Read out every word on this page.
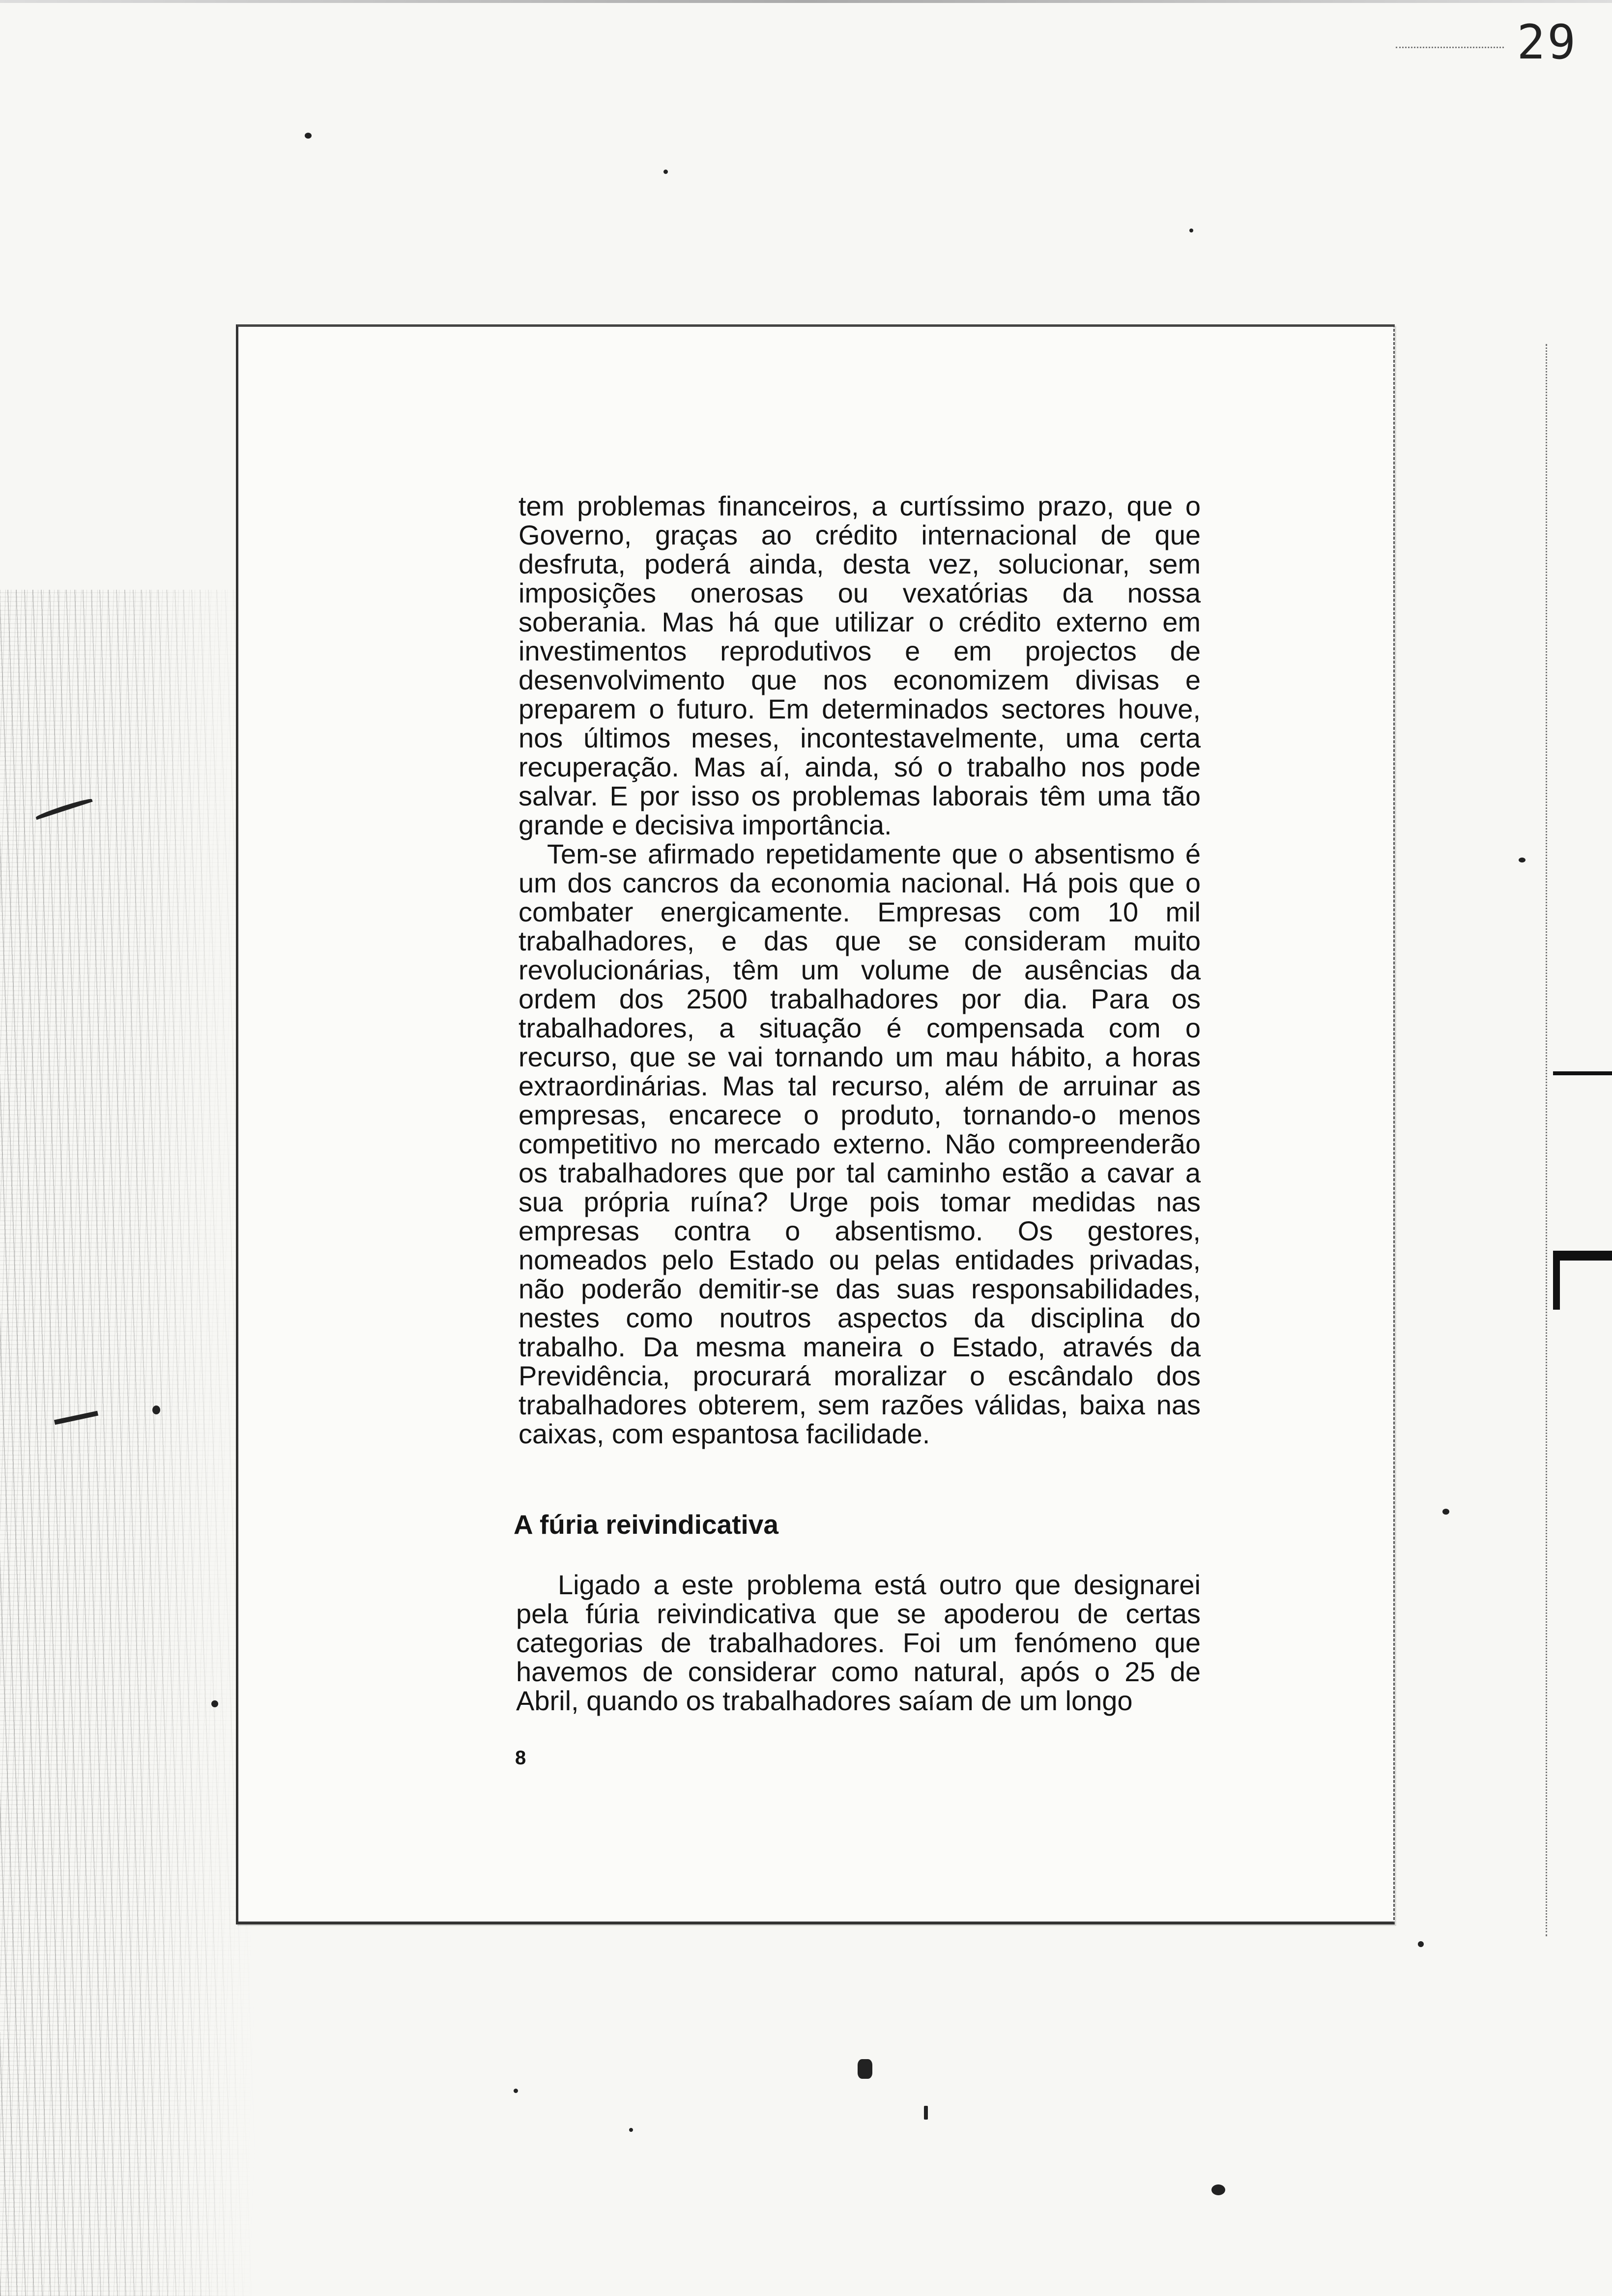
29

tem problemas financeiros, a curtíssimo prazo, que o Governo, graças ao crédito internacional de que desfruta, poderá ainda, desta vez, solucionar, sem imposições onerosas ou vexatórias da nossa soberania. Mas há que utilizar o crédito externo em investimentos reprodutivos e em projectos de desenvolvimento que nos economizem divisas e preparem o futuro. Em determinados sectores houve, nos últimos meses, incontestavelmente, uma certa recuperação. Mas aí, ainda, só o trabalho nos pode salvar. E por isso os problemas laborais têm uma tão grande e decisiva importância.

Tem-se afirmado repetidamente que o absentismo é um dos cancros da economia nacional. Há pois que o combater energicamente. Empresas com 10 mil trabalhadores, e das que se consideram muito revolucionárias, têm um volume de ausências da ordem dos 2500 trabalhadores por dia. Para os trabalhadores, a situação é compensada com o recurso, que se vai tornando um mau hábito, a horas extraordinárias. Mas tal recurso, além de arruinar as empresas, encarece o produto, tornando-o menos competitivo no mercado externo. Não compreenderão os trabalhadores que por tal caminho estão a cavar a sua própria ruína? Urge pois tomar medidas nas empresas contra o absentismo. Os gestores, nomeados pelo Estado ou pelas entidades privadas, não poderão demitir-se das suas responsabilidades, nestes como noutros aspectos da disciplina do trabalho. Da mesma maneira o Estado, através da Previdência, procurará moralizar o escândalo dos trabalhadores obterem, sem razões válidas, baixa nas caixas, com espantosa facilidade.

A fúria reivindicativa

Ligado a este problema está outro que designarei pela fúria reivindicativa que se apoderou de certas categorias de trabalhadores. Foi um fenómeno que havemos de considerar como natural, após o 25 de Abril, quando os trabalhadores saíam de um longo

8
